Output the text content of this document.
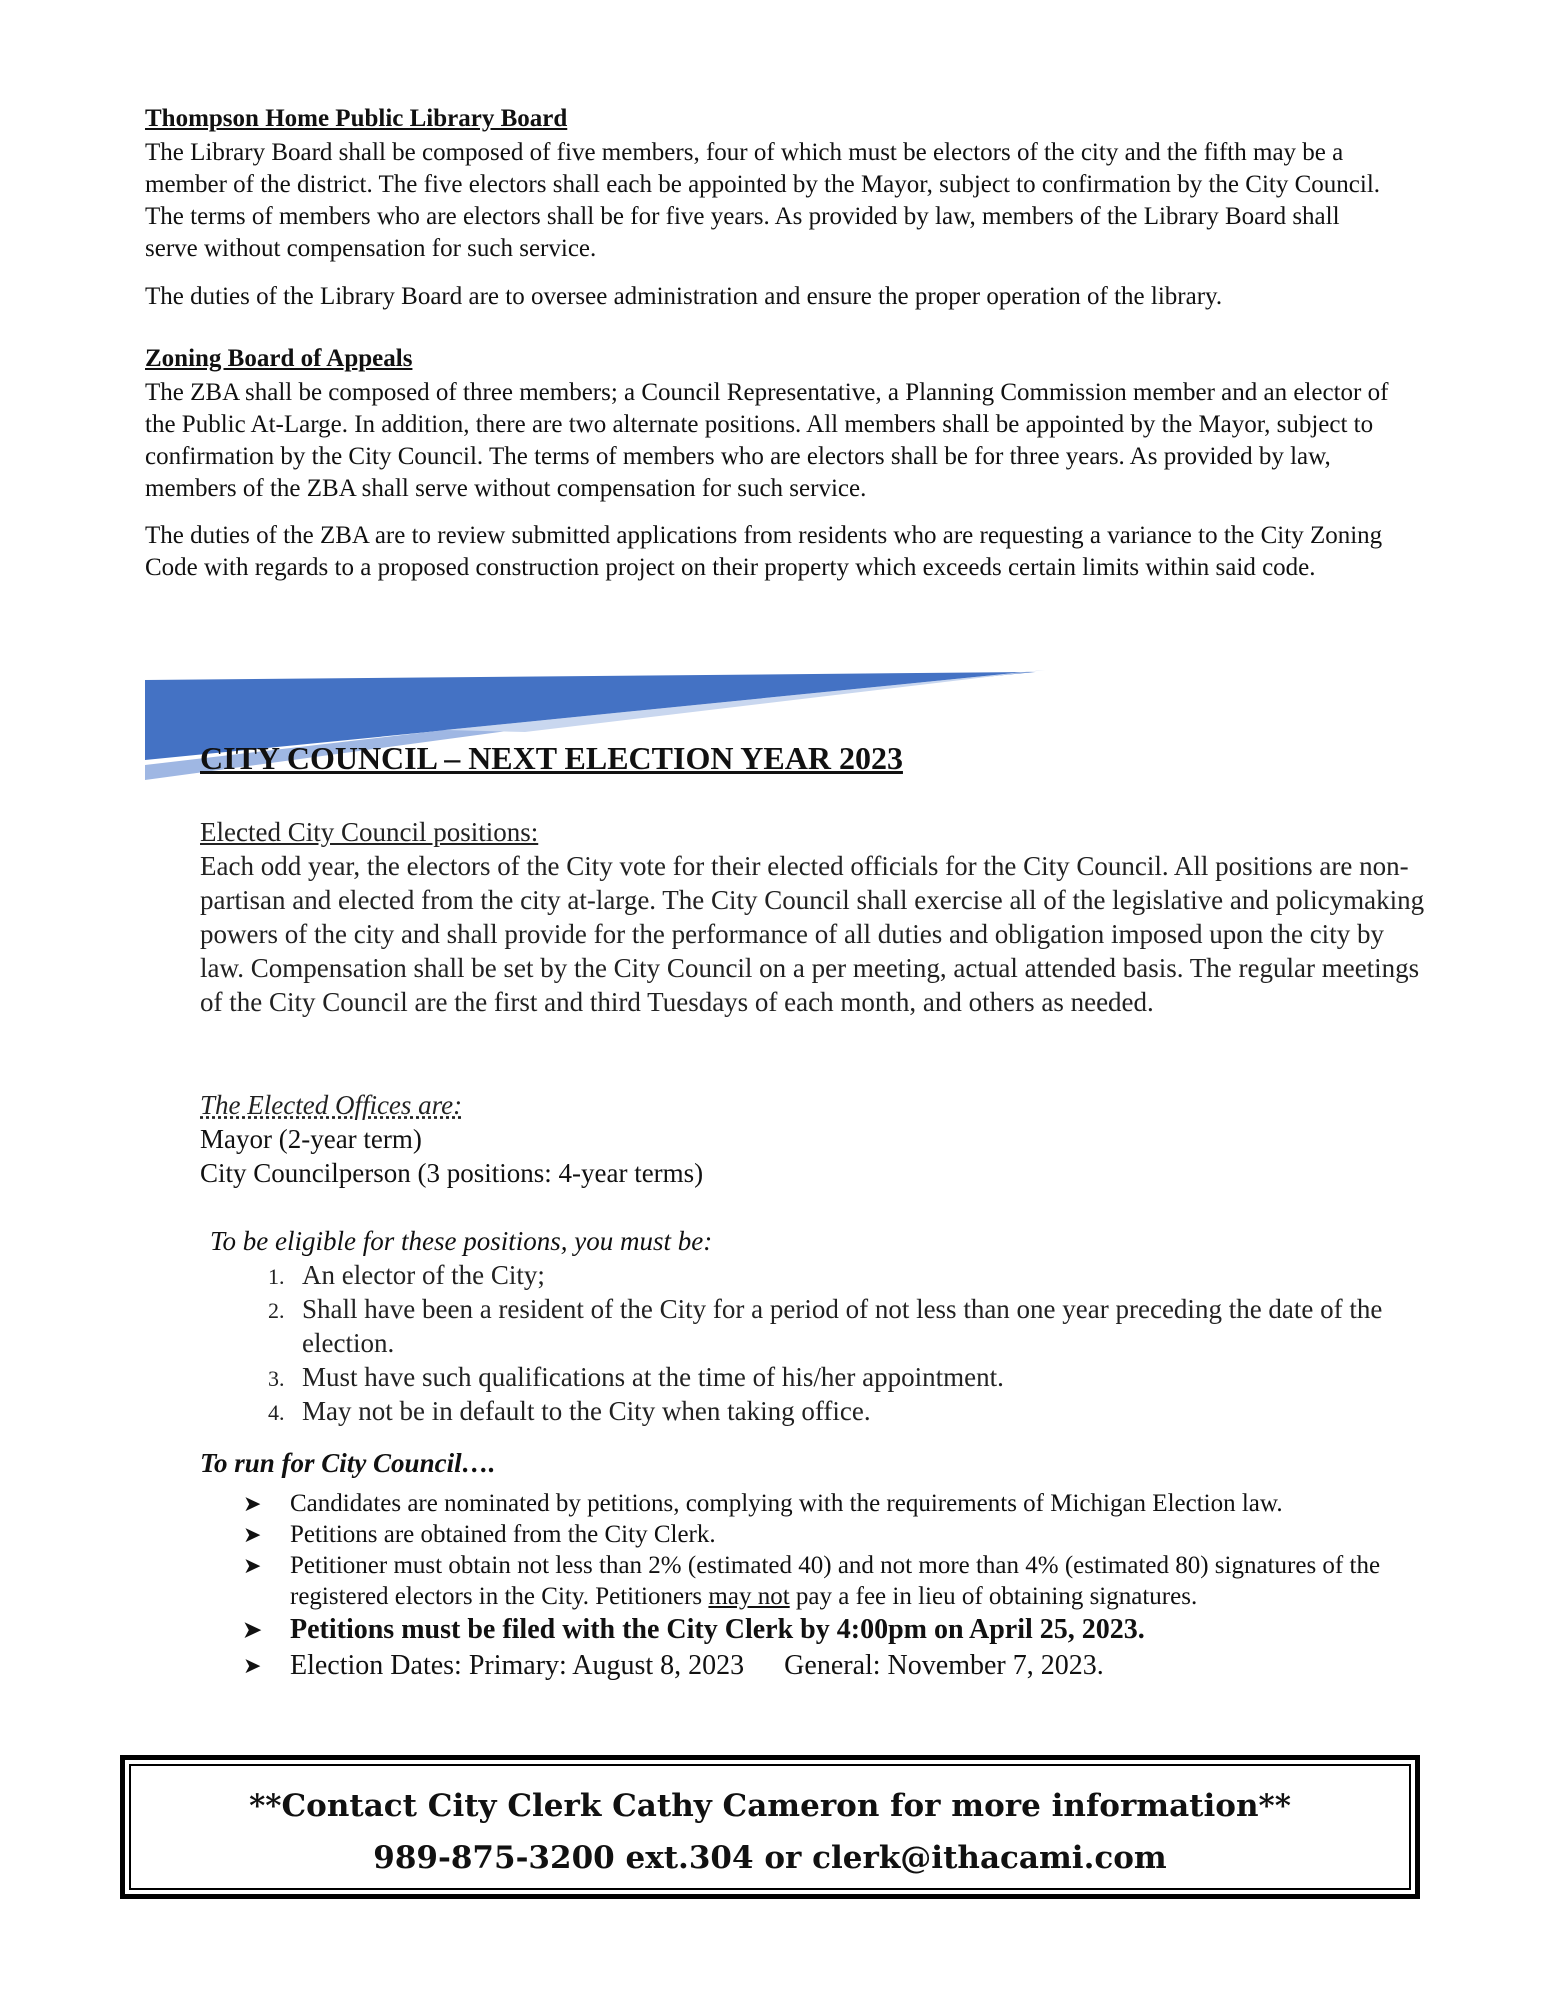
Thompson Home Public Library Board

The Library Board shall be composed of five members, four of which must be electors of the city and the fifth may be a member of the district. The five electors shall each be appointed by the Mayor, subject to confirmation by the City Council. The terms of members who are electors shall be for five years. As provided by law, members of the Library Board shall serve without compensation for such service.

The duties of the Library Board are to oversee administration and ensure the proper operation of the library.

Zoning Board of Appeals

The ZBA shall be composed of three members; a Council Representative, a Planning Commission member and an elector of the Public At-Large. In addition, there are two alternate positions. All members shall be appointed by the Mayor, subject to confirmation by the City Council. The terms of members who are electors shall be for three years. As provided by law, members of the ZBA shall serve without compensation for such service.

The duties of the ZBA are to review submitted applications from residents who are requesting a variance to the City Zoning Code with regards to a proposed construction project on their property which exceeds certain limits within said code.

CITY COUNCIL – NEXT ELECTION YEAR 2023
Elected City Council positions:

Each odd year, the electors of the City vote for their elected officials for the City Council. All positions are non-partisan and elected from the city at-large. The City Council shall exercise all of the legislative and policymaking powers of the city and shall provide for the performance of all duties and obligation imposed upon the city by law. Compensation shall be set by the City Council on a per meeting, actual attended basis. The regular meetings of the City Council are the first and third Tuesdays of each month, and others as needed.

The Elected Offices are:
Mayor (2-year term)
City Councilperson (3 positions: 4-year terms)
To be eligible for these positions, you must be:
1. An elector of the City;
2. Shall have been a resident of the City for a period of not less than one year preceding the date of the election.
3. Must have such qualifications at the time of his/her appointment.
4. May not be in default to the City when taking office.
To run for City Council….
➤ Candidates are nominated by petitions, complying with the requirements of Michigan Election law.
➤ Petitions are obtained from the City Clerk.
➤ Petitioner must obtain not less than 2% (estimated 40) and not more than 4% (estimated 80) signatures of the registered electors in the City. Petitioners may not pay a fee in lieu of obtaining signatures.
➤ Petitions must be filed with the City Clerk by 4:00pm on April 25, 2023.
➤ Election Dates: Primary: August 8, 2023 General: November 7, 2023.
**Contact City Clerk Cathy Cameron for more information**
989-875-3200 ext.304 or clerk@ithacami.com
